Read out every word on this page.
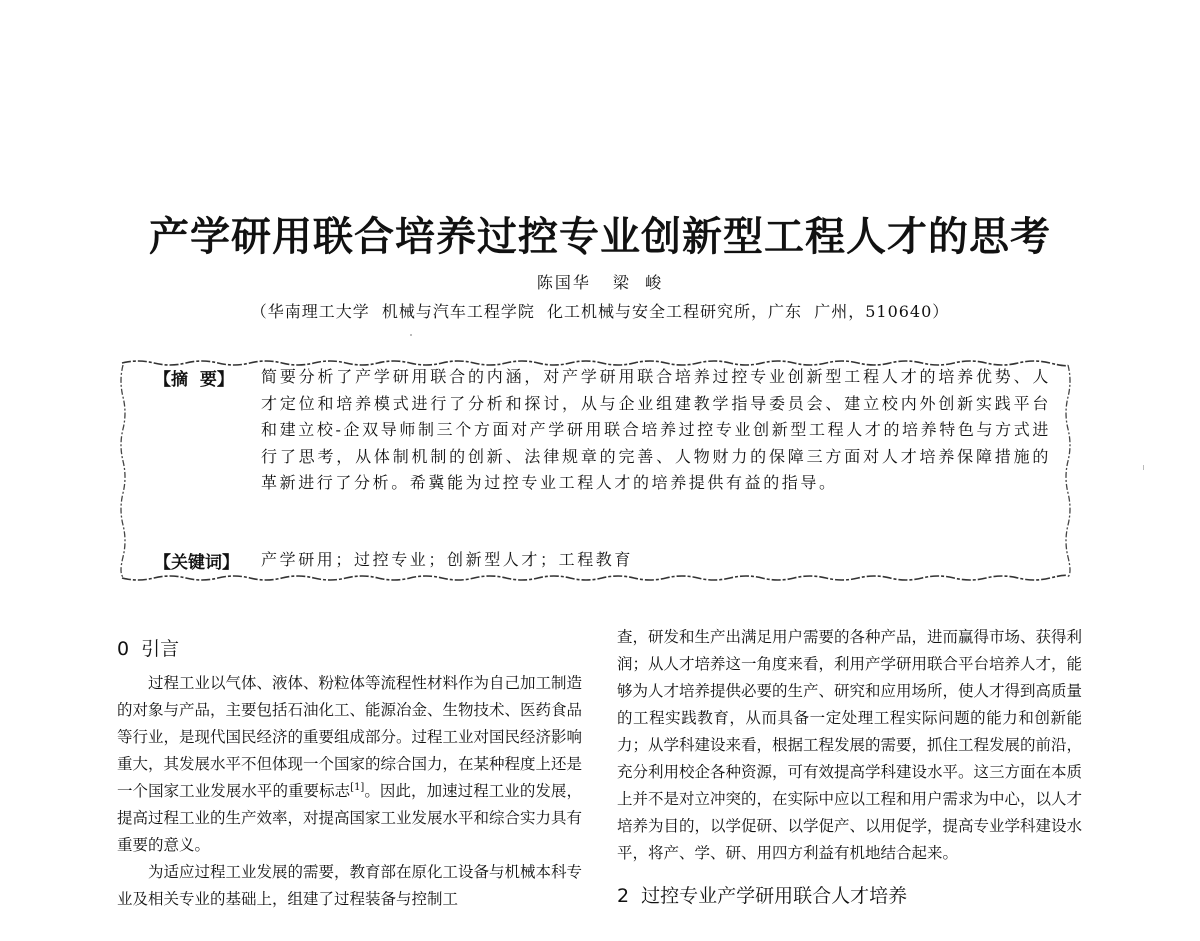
产学研用联合培养过控专业创新型工程人才的思考
陈国华 梁  峻
（华南理工大学  机械与汽车工程学院  化工机械与安全工程研究所，广东  广州，510640）
【摘  要】 简要分析了产学研用联合的内涵，对产学研用联合培养过控专业创新型工程人才的培养优势、人才定位和培养模式进行了分析和探讨，从与企业组建教学指导委员会、建立校内外创新实践平台和建立校-企双导师制三个方面对产学研用联合培养过控专业创新型工程人才的培养特色与方式进行了思考，从体制机制的创新、法律规章的完善、人物财力的保障三方面对人才培养保障措施的革新进行了分析。希冀能为过控专业工程人才的培养提供有益的指导。
【关键词】 产学研用；过控专业；创新型人才；工程教育
0  引言

过程工业以气体、液体、粉粒体等流程性材料作为自己加工制造的对象与产品，主要包括石油化工、能源冶金、生物技术、医药食品等行业，是现代国民经济的重要组成部分。过程工业对国民经济影响重大，其发展水平不但体现一个国家的综合国力，在某种程度上还是一个国家工业发展水平的重要标志[1]。因此，加速过程工业的发展，提高过程工业的生产效率，对提高国家工业发展水平和综合实力具有重要的意义。

为适应过程工业发展的需要，教育部在原化工设备与机械本科专业及相关专业的基础上，组建了过程装备与控制工

查，研发和生产出满足用户需要的各种产品，进而赢得市场、获得利润；从人才培养这一角度来看，利用产学研用联合平台培养人才，能够为人才培养提供必要的生产、研究和应用场所，使人才得到高质量的工程实践教育，从而具备一定处理工程实际问题的能力和创新能力；从学科建设来看，根据工程发展的需要，抓住工程发展的前沿，充分利用校企各种资源，可有效提高学科建设水平。这三方面在本质上并不是对立冲突的，在实际中应以工程和用户需求为中心，以人才培养为目的，以学促研、以学促产、以用促学，提高专业学科建设水平，将产、学、研、用四方利益有机地结合起来。

2  过控专业产学研用联合人才培养
